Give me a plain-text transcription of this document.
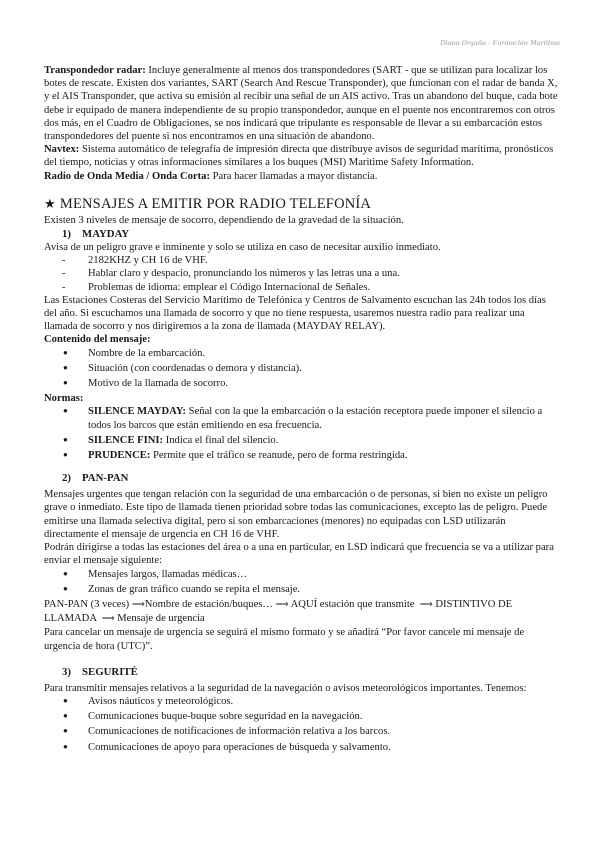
Diana Orgaña - Formación Marítima

Transpondedor radar: Incluye generalmente al menos dos transpondedores (SART - que se utilizan para localizar los botes de rescate. Existen dos variantes, SART (Search And Rescue Transponder), que funcionan con el radar de banda X, y el AIS Transponder, que activa su emisión al recibir una señal de un AIS activo. Tras un abandono del buque, cada bote debe ir equipado de manera independiente de su propio transpondedor, aunque en el puente nos encontraremos con otros dos más, en el Cuadro de Obligaciones, se nos indicará que tripulante es responsable de llevar a su embarcación estos transpondedores del puente si nos encontramos en una situación de abandono.

Navtex: Sistema automático de telegrafía de impresión directa que distribuye avisos de seguridad marítima, pronósticos del tiempo, noticias y otras informaciones similares a los buques (MSI) Maritime Safety Information.

Radio de Onda Media / Onda Corta: Para hacer llamadas a mayor distancia.

★ MENSAJES A EMITIR POR RADIO TELEFONÍA

Existen 3 niveles de mensaje de socorro, dependiendo de la gravedad de la situación.

1) MAYDAY

Avisa de un peligro grave e inminente y solo se utiliza en caso de necesitar auxilio inmediato.

- 2182KHZ y CH 16 de VHF.
- Hablar claro y despacio, pronunciando los números y las letras una a una.
- Problemas de idioma: emplear el Código Internacional de Señales.

Las Estaciones Costeras del Servicio Marítimo de Telefónica y Centros de Salvamento escuchan las 24h todos los días del año. Si escuchamos una llamada de socorro y que no tiene respuesta, usaremos nuestra radio para realizar una llamada de socorro y nos dirigiremos a la zona de llamada (MAYDAY RELAY).

Contenido del mensaje:

● Nombre de la embarcación.
● Situación (con coordenadas o demora y distancia).
● Motivo de la llamada de socorro.

Normas:

● SILENCE MAYDAY: Señal con la que la embarcación o la estación receptora puede imponer el silencio a todos los barcos que están emitiendo en esa frecuencia.
● SILENCE FINI: Indica el final del silencio.
● PRUDENCE: Permite que el tráfico se reanude, pero de forma restringida.

2) PAN-PAN

Mensajes urgentes que tengan relación con la seguridad de una embarcación o de personas, si bien no existe un peligro grave o inmediato. Este tipo de llamada tienen prioridad sobre todas las comunicaciones, excepto las de peligro. Puede emitirse una llamada selectiva digital, pero si son embarcaciones (menores) no equipadas con LSD utilizarán directamente el mensaje de urgencia en CH 16 de VHF.

Podrán dirigirse a todas las estaciones del área o a una en particular, en LSD indicará que frecuencia se va a utilizar para enviar el mensaje siguiente:

● Mensajes largos, llamadas médicas…
● Zonas de gran tráfico cuando se repita el mensaje.

PAN-PAN (3 veces) ⟹Nombre de estación/buques… ⟹ AQUÍ estación que transmite ⟹ DISTINTIVO DE LLAMADA ⟹ Mensaje de urgencia

Para cancelar un mensaje de urgencia se seguirá el mismo formato y se añadirá “Por favor cancele mi mensaje de urgencia de hora (UTC)”.

3) SEGURITÉ

Para transmitir mensajes relativos a la seguridad de la navegación o avisos meteorológicos importantes. Tenemos:

● Avisos náuticos y meteorológicos.
● Comunicaciones buque-buque sobre seguridad en la navegación.
● Comunicaciones de notificaciones de información relativa a los barcos.
● Comunicaciones de apoyo para operaciones de búsqueda y salvamento.
